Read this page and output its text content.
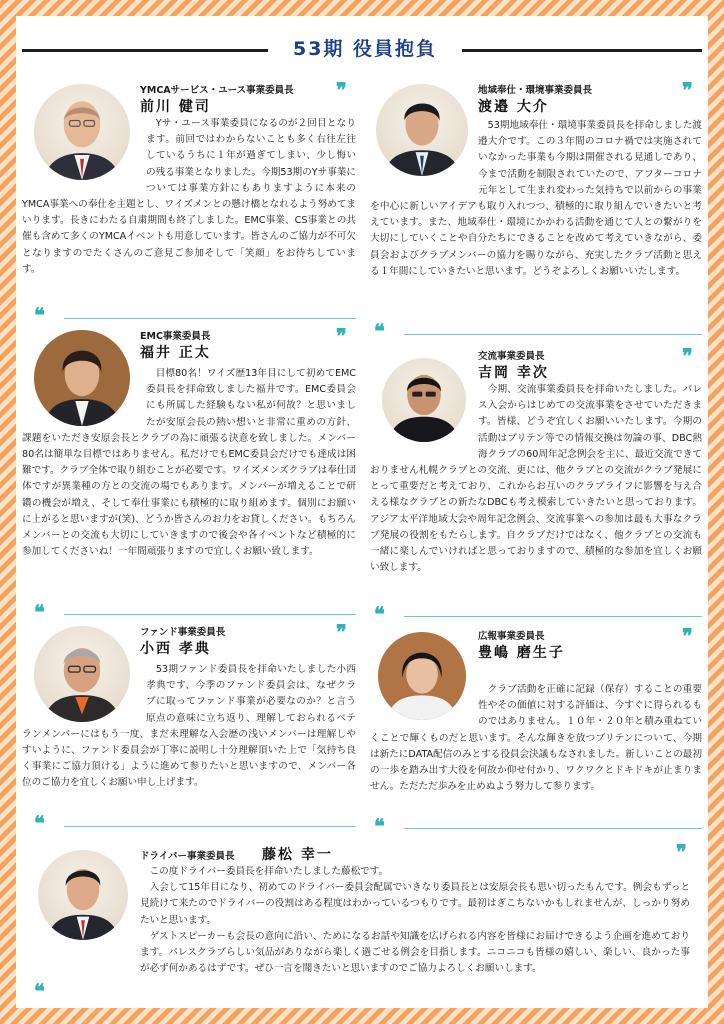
53期 役員抱負
YMCAサービス・ユース事業委員長 ❞
前川 健司

　Yサ・ユース事業委員になるのが２回目となります。前回ではわからないことも多く右往左往しているうちに１年が過ぎてしまい、少し悔いの残る事業となりました。今期53期のYサ事業については事業方針にもありますように本来のYMCA事業への奉仕を主題とし、ワイズメンとの懸け橋となれるよう努めてまいります。長きにわたる自粛期間も終了しました。EMC事業、CS事業との共催も含めて多くのYMCAイベントも用意しています。皆さんのご協力が不可欠となりますのでたくさんのご意見ご参加そして「笑顔」をお待ちしています。

❝
地域奉仕・環境事業委員長	❞
渡邉 大介

　53期地域奉仕・環境事業委員長を拝命しました渡邉大介です。この３年間のコロナ禍では実施されていなかった事業も今期は開催される見通しであり、今まで活動を制限されていたので、アフターコロナ元年として生まれ変わった気持ちで以前からの事業を中心に新しいアイデアも取り入れつつ、積極的に取り組んでいきたいと考えています。また、地域奉仕・環境にかかわる活動を通じて人との繋がりを大切にしていくことや自分たちにできることを改めて考えていきながら、委員会およびクラブメンバーの協力を賜りながら、充実したクラブ活動と思える１年間にしていきたいと思います。どうぞよろしくお願いいたします。

❝
EMC事業委員長	❞
福井 正太

　目標80名！ワイズ歴13年目にして初めてEMC委員長を拝命致しました福井です。EMC委員会にも所属した経験もない私が何故？と思いましたが安原会長の熱い想いと非常に重めの方針、課題をいただき安原会長とクラブの為に頑張る決意を致しました。メンバー 80名は簡単な目標ではありません。私だけでもEMC委員会だけでも達成は困難です。クラブ全体で取り組むことが必要です。ワイズメンズクラブは奉仕団体ですが異業種の方との交流の場でもあります。メンバーが増えることで研鑽の機会が増え、そして奉仕事業にも積極的に取り組めます。個別にお願いに上がると思いますが(笑)、どうか皆さんのお力をお貸しください。もちろんメンバーとの交流も大切にしていきますので後会や各イベントなど積極的に参加してくださいね！一年間頑張りますので宜しくお願い致します。

❝
交流事業委員長	❞
吉岡 幸次

　今期、交流事業委員長を拝命いたしました。パレス入会からはじめての交流事業をさせていただきます。皆様、どうぞ宜しくお願いいたします。今期の活動はブリテン等での情報交換は勿論の事、DBC熱海クラブの60周年記念例会を主に、最近交流できておりません札幌クラブとの交流、更には、他クラブとの交流がクラブ発展にとって重要だと考えており、これからお互いのクラブライフに影響を与え合える様なクラブとの新たなDBCも考え模索していきたいと思っております。アジア太平洋地域大会や周年記念例会、交流事業への参加は最も大事なクラブ発展の役割をもたらします。自クラブだけではなく、他クラブとの交流も一緒に楽しんでいければと思っておりますので、積極的な参加を宜しくお願い致します。

❝
ファンド事業委員長	❞
小西 孝典

　53期ファンド委員長を拝命いたしました小西孝典です、今季のファンド委員会は、なぜクラブに取ってファンド事業が必要なのか？と言う原点の意味に立ち返り、理解しておられるベテランメンバーにはもう一度、まだ未理解な入会歴の浅いメンバーは理解しやすいように、ファンド委員会が丁寧に説明し十分理解頂いた上で「気持ち良く事業にご協力頂ける」ように進めて参りたいと思いますので、メンバー各位のご協力を宜しくお願い申し上げます。

❝
広報事業委員長	❞
豊嶋 磨生子

　クラブ活動を正確に記録（保存）することの重要性やその価値に対する評価は、今すぐに得られるものではありません。１０年・２０年と積み重ねていくことで輝くものだと思います。そんな輝きを放つブリテンについて、今期は新たにDATA配信のみとする役員会決議もなされました。新しいことの最初の一歩を踏み出す大役を何故か仰せ付かり、ワクワクとドキドキが止まりません。ただただ歩みを止めぬよう努力して参ります。

❝
ドライバー事業委員長 藤松 幸一	❞

　この度ドライバー委員長を拝命いたしました藤松です。

　入会して15年目になり、初めてのドライバー委員会配属でいきなり委員長とは安原会長も思い切ったもんです。例会もずっと見続けて来たのでドライバーの役割はある程度はわかっているつもりです。最初はぎこちないかもしれませんが、しっかり努めたいと思います。

　ゲストスピーカーも会長の意向に沿い、ためになるお話や知識を広げられる内容を皆様にお届けできるよう企画を進めております。パレスクラブらしい気品がありながら楽しく過ごせる例会を目指します。ニコニコも皆様の嬉しい、楽しい、良かった事が必ず何かあるはずです。ぜひ一言を聞きたいと思いますのでご協力よろしくお願いします。

❝
